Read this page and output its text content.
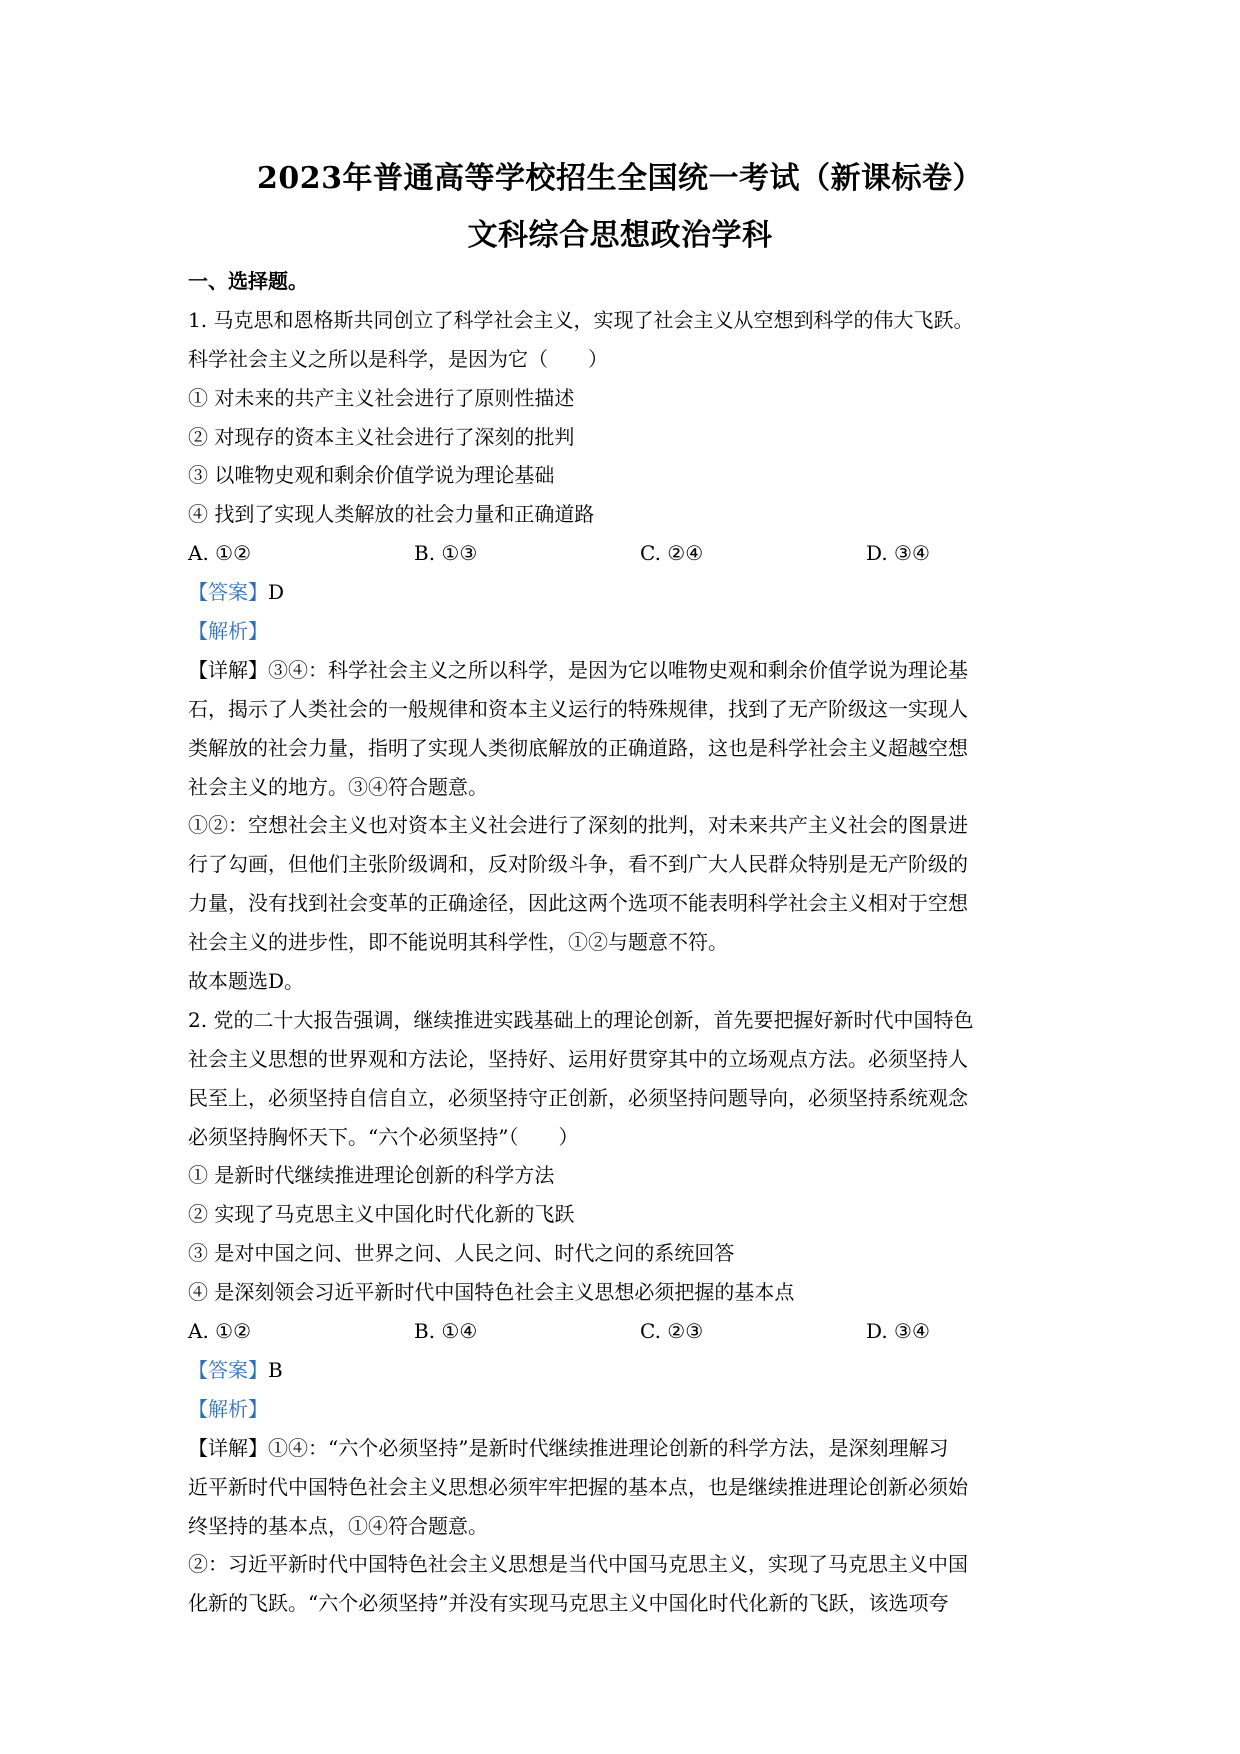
2023年普通高等学校招生全国统一考试（新课标卷）
文科综合思想政治学科
一、选择题。
1. 马克思和恩格斯共同创立了科学社会主义，实现了社会主义从空想到科学的伟大飞跃。
科学社会主义之所以是科学，是因为它（　　）
① 对未来的共产主义社会进行了原则性描述
② 对现存的资本主义社会进行了深刻的批判
③ 以唯物史观和剩余价值学说为理论基础
④ 找到了实现人类解放的社会力量和正确道路
A. ①②	B. ①③	C. ②④	D. ③④
【答案】D
【解析】
【详解】③④：科学社会主义之所以科学，是因为它以唯物史观和剩余价值学说为理论基
石，揭示了人类社会的一般规律和资本主义运行的特殊规律，找到了无产阶级这一实现人
类解放的社会力量，指明了实现人类彻底解放的正确道路，这也是科学社会主义超越空想
社会主义的地方。③④符合题意。
①②：空想社会主义也对资本主义社会进行了深刻的批判，对未来共产主义社会的图景进
行了勾画，但他们主张阶级调和，反对阶级斗争，看不到广大人民群众特别是无产阶级的
力量，没有找到社会变革的正确途径，因此这两个选项不能表明科学社会主义相对于空想
社会主义的进步性，即不能说明其科学性，①②与题意不符。
故本题选D。
2. 党的二十大报告强调，继续推进实践基础上的理论创新，首先要把握好新时代中国特色
社会主义思想的世界观和方法论，坚持好、运用好贯穿其中的立场观点方法。必须坚持人
民至上，必须坚持自信自立，必须坚持守正创新，必须坚持问题导向，必须坚持系统观念
必须坚持胸怀天下。“六个必须坚持”（　　）
① 是新时代继续推进理论创新的科学方法
② 实现了马克思主义中国化时代化新的飞跃
③ 是对中国之问、世界之问、人民之问、时代之问的系统回答
④ 是深刻领会习近平新时代中国特色社会主义思想必须把握的基本点
A. ①②	B. ①④	C. ②③	D. ③④
【答案】B
【解析】
【详解】①④：“六个必须坚持”是新时代继续推进理论创新的科学方法，是深刻理解习
近平新时代中国特色社会主义思想必须牢牢把握的基本点，也是继续推进理论创新必须始
终坚持的基本点，①④符合题意。
②：习近平新时代中国特色社会主义思想是当代中国马克思主义，实现了马克思主义中国
化新的飞跃。“六个必须坚持”并没有实现马克思主义中国化时代化新的飞跃，该选项夸
